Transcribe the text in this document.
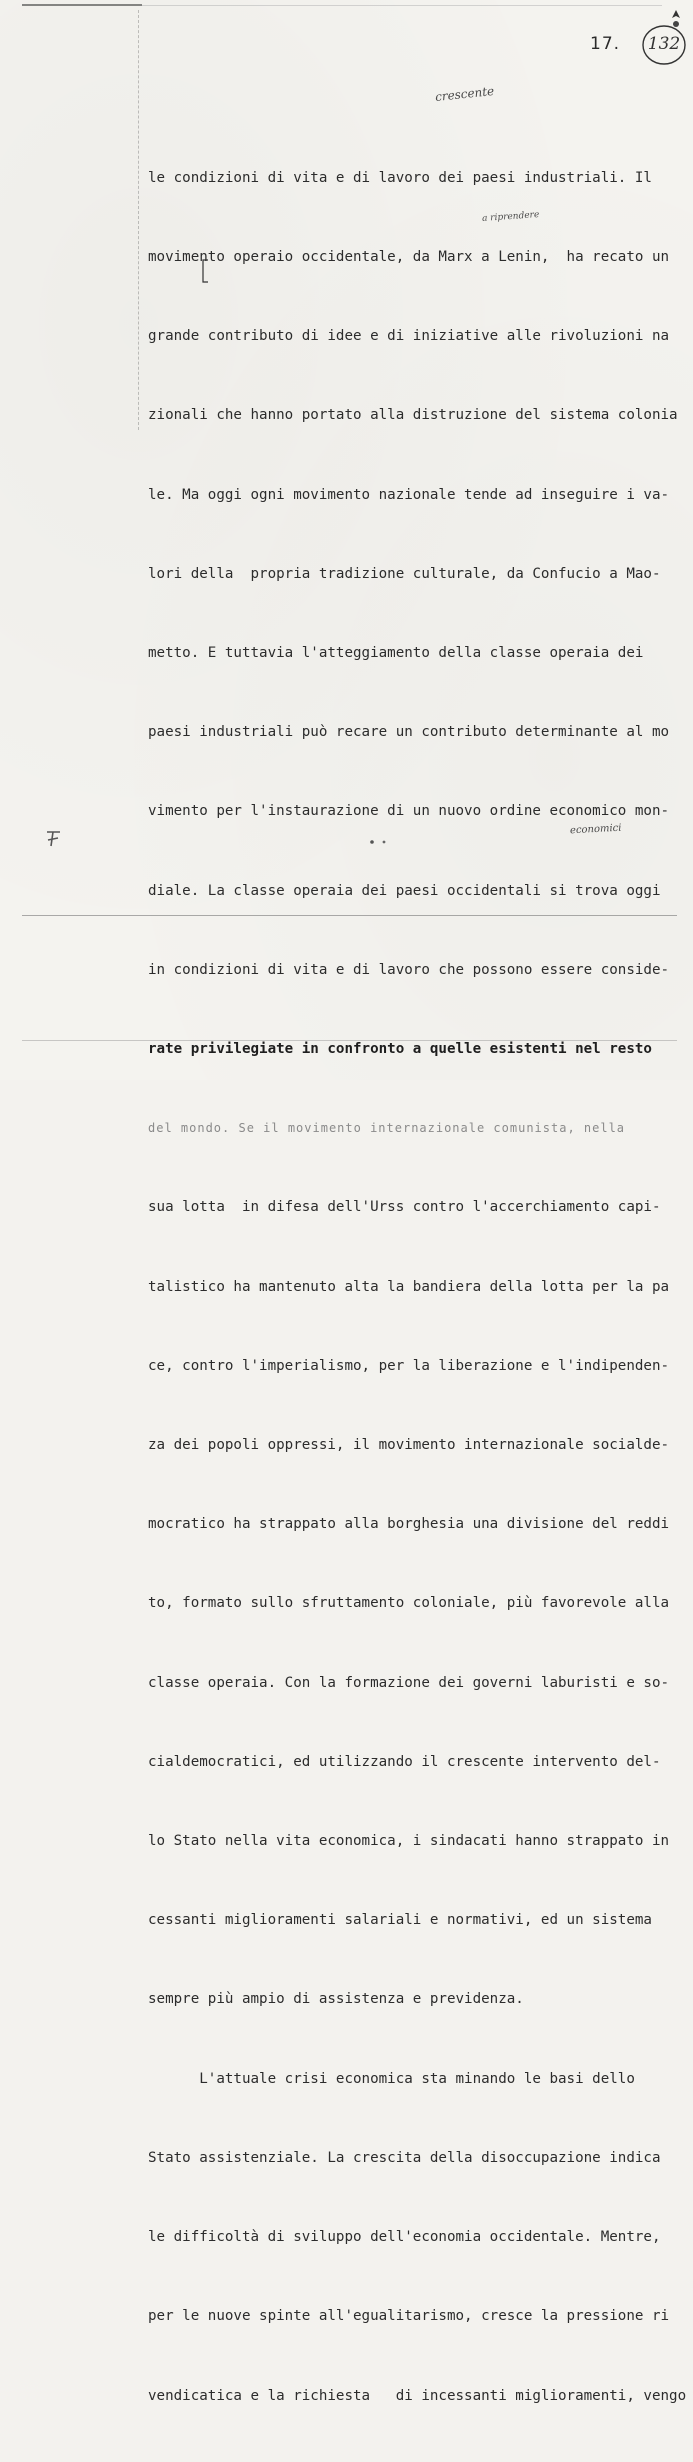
17.	132
crescente
a riprendere

le condizioni di vita e di lavoro dei paesi industriali. Il

movimento operaio occidentale, da Marx a Lenin,  ha recato un

grande contributo di idee e di iniziative alle rivoluzioni na

zionali che hanno portato alla distruzione del sistema colonia

le. Ma oggi ogni movimento nazionale tende ad inseguire i va-

lori della  propria tradizione culturale, da Confucio a Mao-

metto. E tuttavia l'atteggiamento della classe operaia dei

paesi industriali può recare un contributo determinante al mo

vimento per l'instaurazione di un nuovo ordine economico mon-

diale. La classe operaia dei paesi occidentali si trova oggi

in condizioni di vita e di lavoro che possono essere conside-

rate privilegiate in confronto a quelle esistenti nel resto

del mondo. Se il movimento internazionale comunista, nella

sua lotta  in difesa dell'Urss contro l'accerchiamento capi-

talistico ha mantenuto alta la bandiera della lotta per la pa

ce, contro l'imperialismo, per la liberazione e l'indipenden-

za dei popoli oppressi, il movimento internazionale socialde-

mocratico ha strappato alla borghesia una divisione del reddi

to, formato sullo sfruttamento coloniale, più favorevole alla

classe operaia. Con la formazione dei governi laburisti e so-

cialdemocratici, ed utilizzando il crescente intervento del-

lo Stato nella vita economica, i sindacati hanno strappato in

cessanti miglioramenti salariali e normativi, ed un sistema

sempre più ampio di assistenza e previdenza.

L'attuale crisi economica sta minando le basi dello

Stato assistenziale. La crescita della disoccupazione indica

le difficoltà di sviluppo dell'economia occidentale. Mentre,

per le nuove spinte all'egualitarismo, cresce la pressione ri

vendicatica e la richiesta   di incessanti miglioramenti, vengo

economici
